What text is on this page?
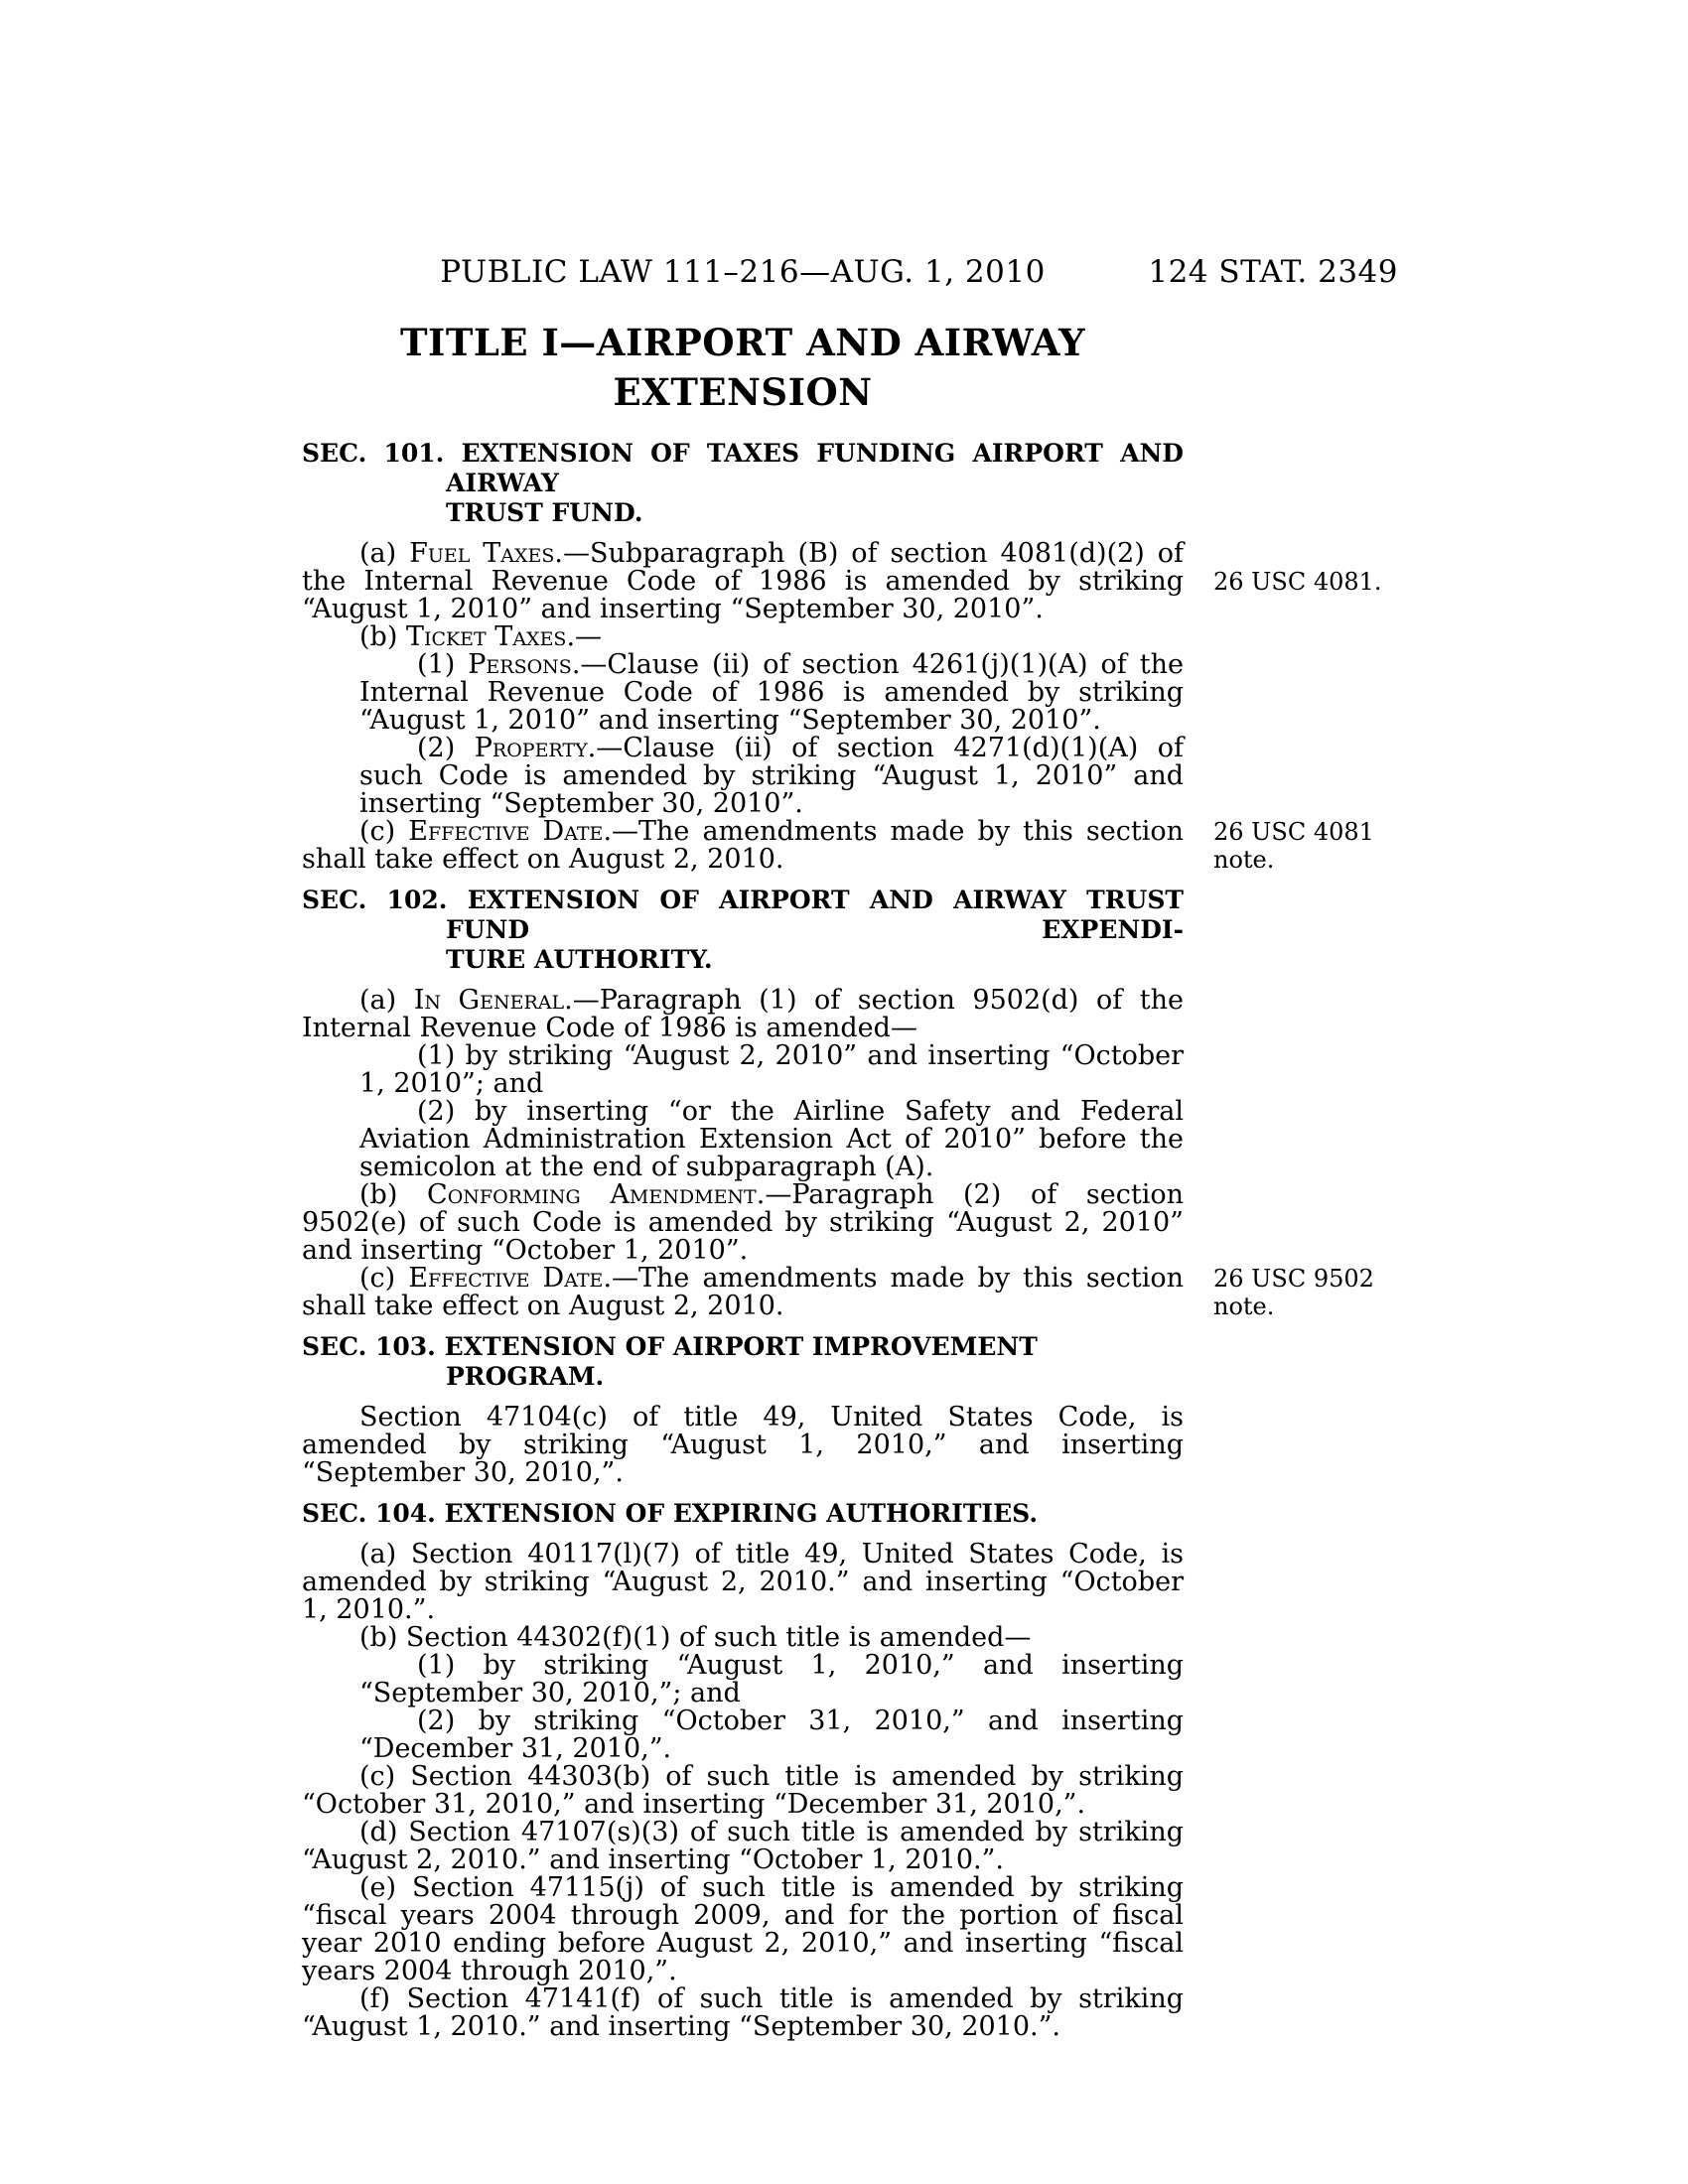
PUBLIC LAW 111–216—AUG. 1, 2010	124 STAT. 2349
TITLE I—AIRPORT AND AIRWAY
EXTENSION
SEC. 101. EXTENSION OF TAXES FUNDING AIRPORT AND AIRWAY
TRUST FUND.

(a) Fuel Taxes.—Subparagraph (B) of section 4081(d)(2) of the Internal Revenue Code of 1986 is amended by striking “August 1, 2010” and inserting “September 30, 2010”.
26 USC 4081.

(b) Ticket Taxes.—

(1) Persons.—Clause (ii) of section 4261(j)(1)(A) of the Internal Revenue Code of 1986 is amended by striking “August 1, 2010” and inserting “September 30, 2010”.

(2) Property.—Clause (ii) of section 4271(d)(1)(A) of such Code is amended by striking “August 1, 2010” and inserting “September 30, 2010”.

(c) Effective Date.—The amendments made by this section shall take effect on August 2, 2010.
26 USC 4081 note.

SEC. 102. EXTENSION OF AIRPORT AND AIRWAY TRUST FUND EXPENDI-
TURE AUTHORITY.

(a) In General.—Paragraph (1) of section 9502(d) of the Internal Revenue Code of 1986 is amended—

(1) by striking “August 2, 2010” and inserting “October 1, 2010”; and

(2) by inserting “or the Airline Safety and Federal Aviation Administration Extension Act of 2010” before the semicolon at the end of subparagraph (A).

(b) Conforming Amendment.—Paragraph (2) of section 9502(e) of such Code is amended by striking “August 2, 2010” and inserting “October 1, 2010”.

(c) Effective Date.—The amendments made by this section shall take effect on August 2, 2010.
26 USC 9502 note.

SEC. 103. EXTENSION OF AIRPORT IMPROVEMENT PROGRAM.

Section 47104(c) of title 49, United States Code, is amended by striking “August 1, 2010,” and inserting “September 30, 2010,”.

SEC. 104. EXTENSION OF EXPIRING AUTHORITIES.

(a) Section 40117(l)(7) of title 49, United States Code, is amended by striking “August 2, 2010.” and inserting “October 1, 2010.”.

(b) Section 44302(f)(1) of such title is amended—

(1) by striking “August 1, 2010,” and inserting “September 30, 2010,”; and

(2) by striking “October 31, 2010,” and inserting “December 31, 2010,”.

(c) Section 44303(b) of such title is amended by striking “October 31, 2010,” and inserting “December 31, 2010,”.

(d) Section 47107(s)(3) of such title is amended by striking “August 2, 2010.” and inserting “October 1, 2010.”.

(e) Section 47115(j) of such title is amended by striking “fiscal years 2004 through 2009, and for the portion of fiscal year 2010 ending before August 2, 2010,” and inserting “fiscal years 2004 through 2010,”.

(f) Section 47141(f) of such title is amended by striking “August 1, 2010.” and inserting “September 30, 2010.”.
